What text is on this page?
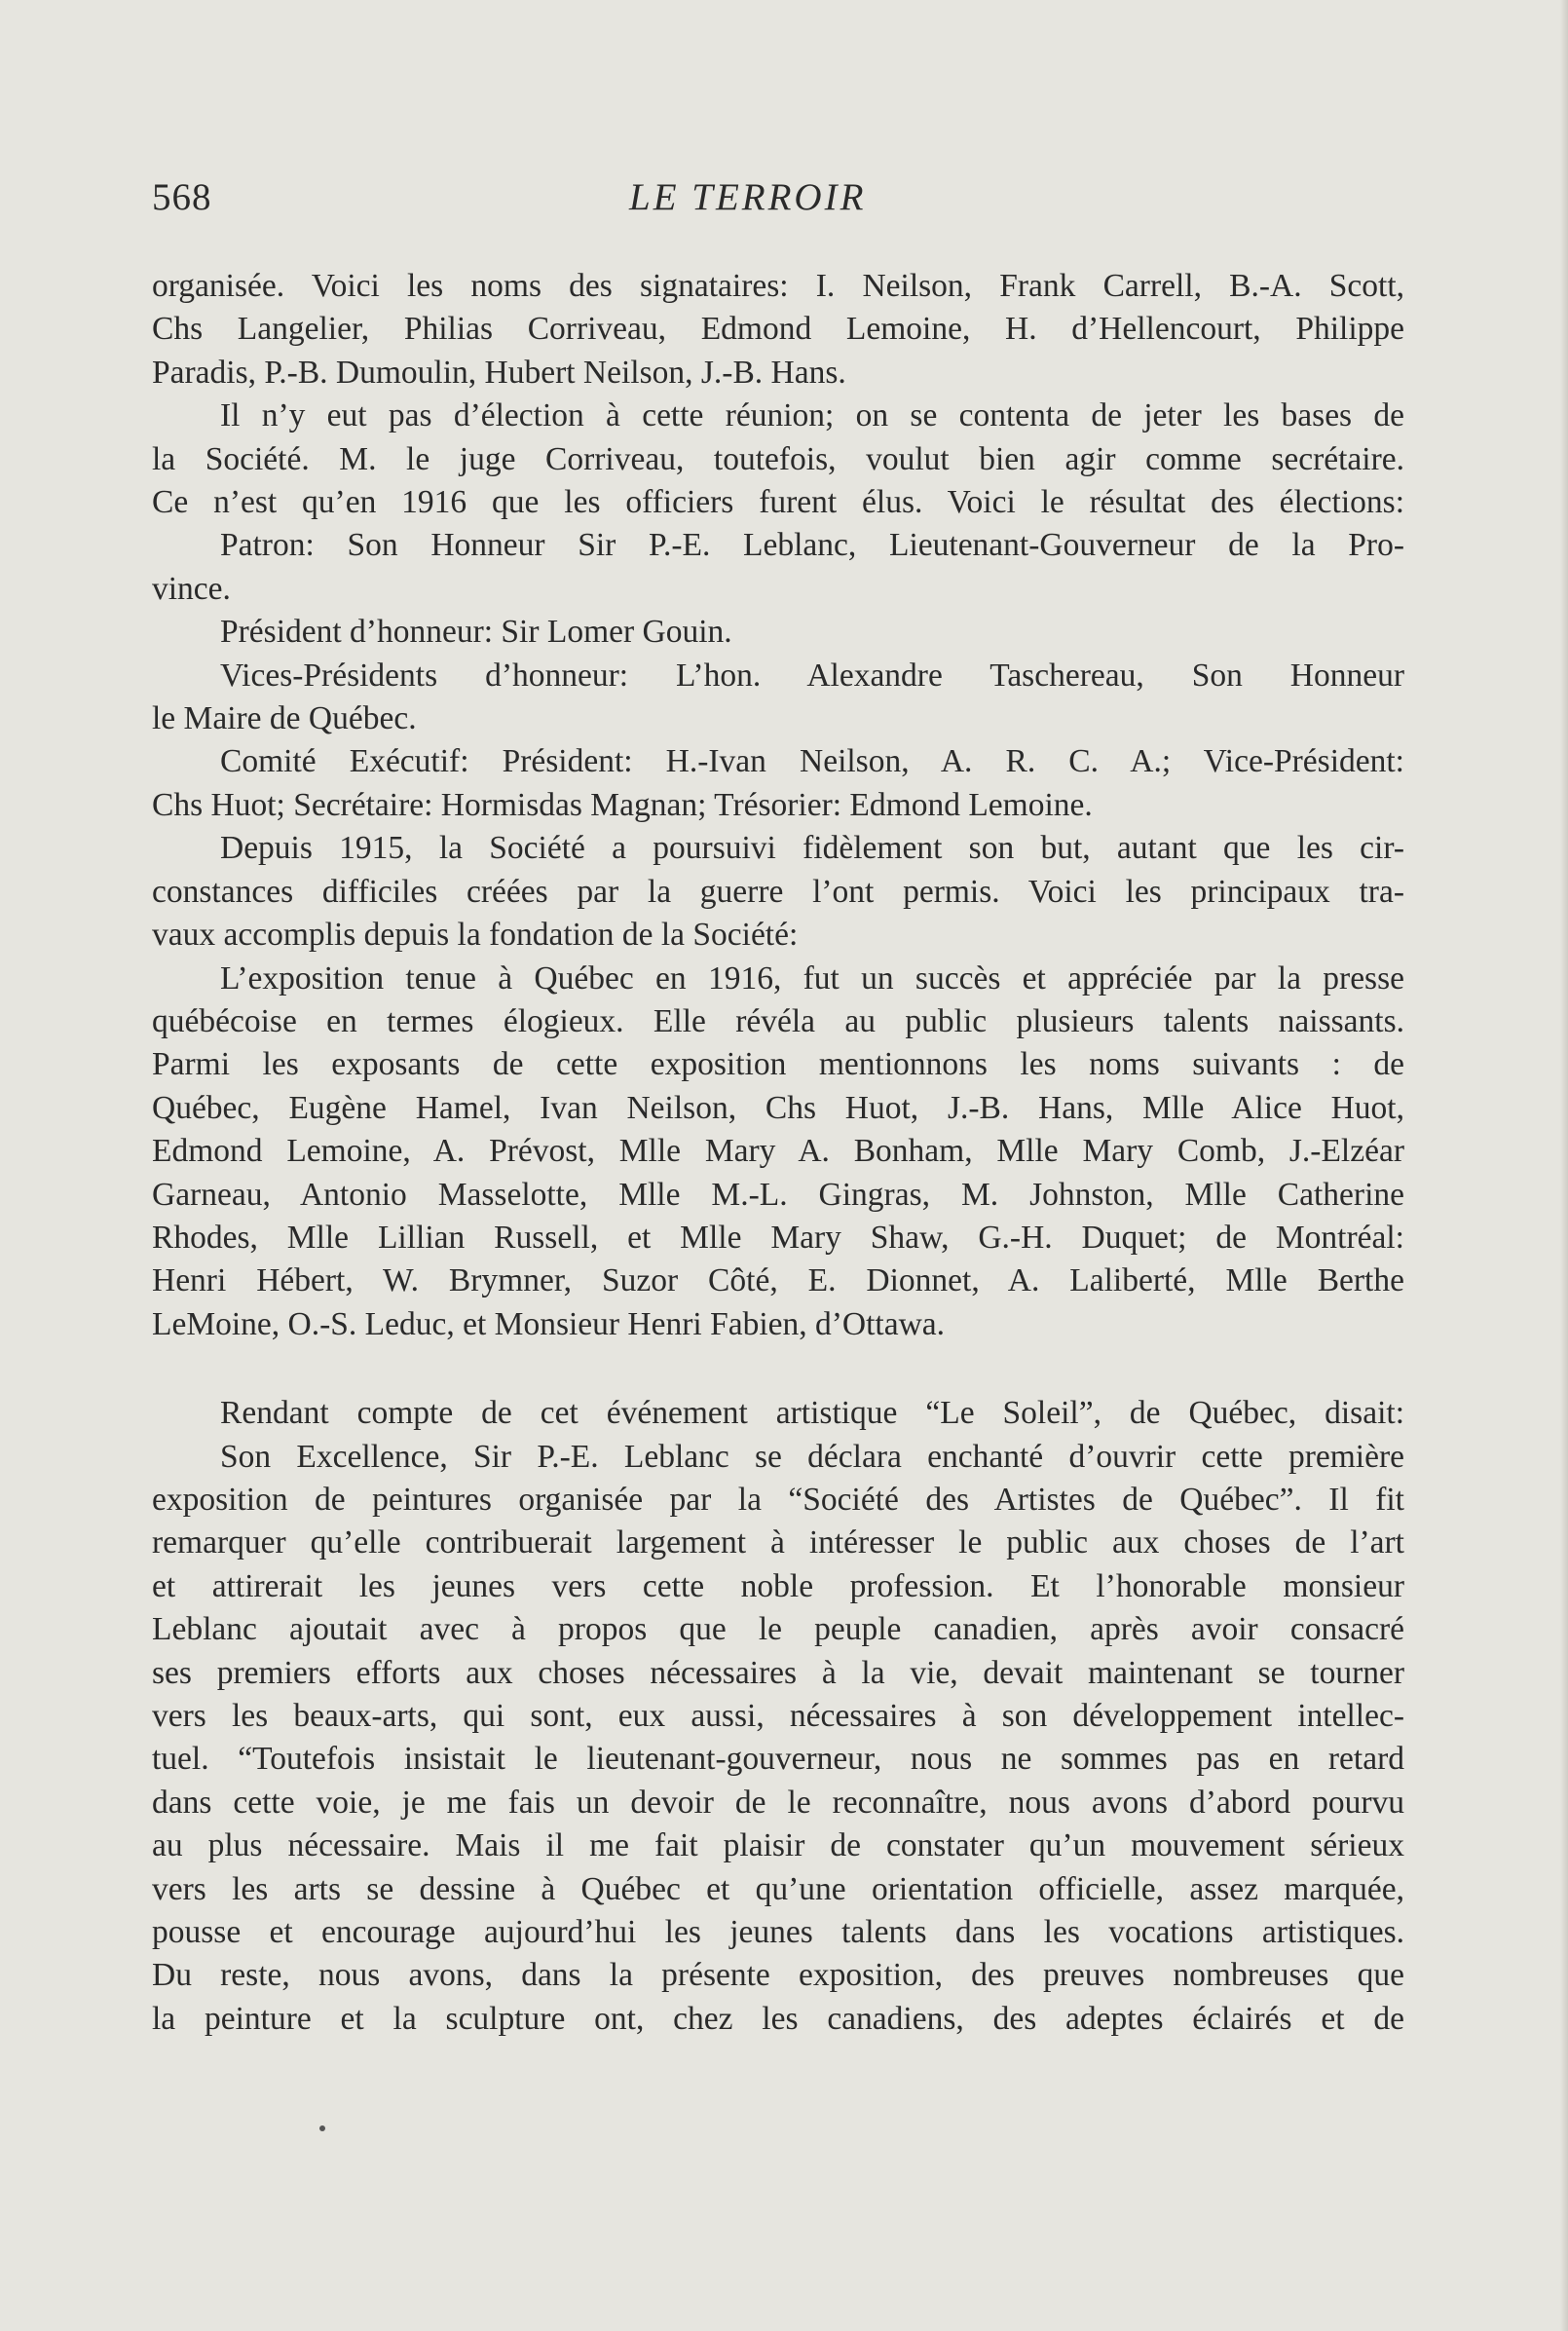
568	LE TERROIR
organisée. Voici les noms des signataires: I. Neilson, Frank Carrell, B.-A. Scott,
Chs Langelier, Philias Corriveau, Edmond Lemoine, H. d’Hellencourt, Philippe
Paradis, P.-B. Dumoulin, Hubert Neilson, J.-B. Hans.
Il n’y eut pas d’élection à cette réunion; on se contenta de jeter les bases de
la Société. M. le juge Corriveau, toutefois, voulut bien agir comme secrétaire.
Ce n’est qu’en 1916 que les officiers furent élus. Voici le résultat des élections:
Patron: Son Honneur Sir P.-E. Leblanc, Lieutenant-Gouverneur de la Pro-
vince.
Président d’honneur: Sir Lomer Gouin.
Vices-Présidents d’honneur: L’hon. Alexandre Taschereau, Son Honneur
le Maire de Québec.
Comité Exécutif: Président: H.-Ivan Neilson, A. R. C. A.; Vice-Président:
Chs Huot; Secrétaire: Hormisdas Magnan; Trésorier: Edmond Lemoine.
Depuis 1915, la Société a poursuivi fidèlement son but, autant que les cir-
constances difficiles créées par la guerre l’ont permis. Voici les principaux tra-
vaux accomplis depuis la fondation de la Société:
L’exposition tenue à Québec en 1916, fut un succès et appréciée par la presse
québécoise en termes élogieux. Elle révéla au public plusieurs talents naissants.
Parmi les exposants de cette exposition mentionnons les noms suivants : de
Québec, Eugène Hamel, Ivan Neilson, Chs Huot, J.-B. Hans, Mlle Alice Huot,
Edmond Lemoine, A. Prévost, Mlle Mary A. Bonham, Mlle Mary Comb, J.-Elzéar
Garneau, Antonio Masselotte, Mlle M.-L. Gingras, M. Johnston, Mlle Catherine
Rhodes, Mlle Lillian Russell, et Mlle Mary Shaw, G.-H. Duquet; de Montréal:
Henri Hébert, W. Brymner, Suzor Côté, E. Dionnet, A. Laliberté, Mlle Berthe
LeMoine, O.-S. Leduc, et Monsieur Henri Fabien, d’Ottawa.
Rendant compte de cet événement artistique “Le Soleil”, de Québec, disait:
Son Excellence, Sir P.-E. Leblanc se déclara enchanté d’ouvrir cette première
exposition de peintures organisée par la “Société des Artistes de Québec”. Il fit
remarquer qu’elle contribuerait largement à intéresser le public aux choses de l’art
et attirerait les jeunes vers cette noble profession. Et l’honorable monsieur
Leblanc ajoutait avec à propos que le peuple canadien, après avoir consacré
ses premiers efforts aux choses nécessaires à la vie, devait maintenant se tourner
vers les beaux-arts, qui sont, eux aussi, nécessaires à son développement intellec-
tuel. “Toutefois insistait le lieutenant-gouverneur, nous ne sommes pas en retard
dans cette voie, je me fais un devoir de le reconnaître, nous avons d’abord pourvu
au plus nécessaire. Mais il me fait plaisir de constater qu’un mouvement sérieux
vers les arts se dessine à Québec et qu’une orientation officielle, assez marquée,
pousse et encourage aujourd’hui les jeunes talents dans les vocations artistiques.
Du reste, nous avons, dans la présente exposition, des preuves nombreuses que
la peinture et la sculpture ont, chez les canadiens, des adeptes éclairés et de
